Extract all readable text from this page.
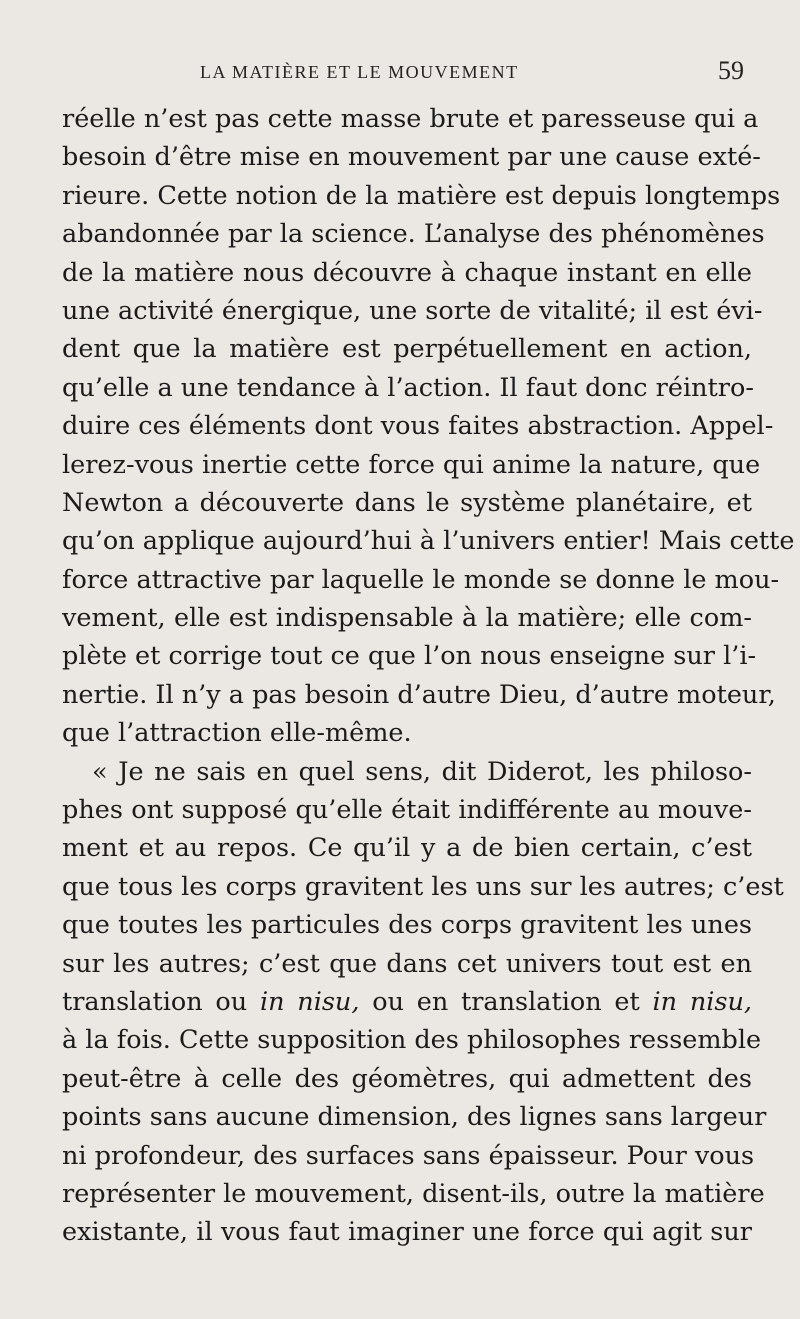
LA MATIÈRE ET LE MOUVEMENT	59
réelle n’est pas cette masse brute et paresseuse qui a
besoin d’être mise en mouvement par une cause exté-
rieure. Cette notion de la matière est depuis longtemps
abandonnée par la science. L’analyse des phénomènes
de la matière nous découvre à chaque instant en elle
une activité énergique, une sorte de vitalité; il est évi-
dent que la matière est perpétuellement en action,
qu’elle a une tendance à l’action. Il faut donc réintro-
duire ces éléments dont vous faites abstraction. Appel-
lerez-vous inertie cette force qui anime la nature, que
Newton a découverte dans le système planétaire, et
qu’on applique aujourd’hui à l’univers entier! Mais cette
force attractive par laquelle le monde se donne le mou-
vement, elle est indispensable à la matière; elle com-
plète et corrige tout ce que l’on nous enseigne sur l’i-
nertie. Il n’y a pas besoin d’autre Dieu, d’autre moteur,
que l’attraction elle-même.
« Je ne sais en quel sens, dit Diderot, les philoso-
phes ont supposé qu’elle était indifférente au mouve-
ment et au repos. Ce qu’il y a de bien certain, c’est
que tous les corps gravitent les uns sur les autres; c’est
que toutes les particules des corps gravitent les unes
sur les autres; c’est que dans cet univers tout est en
translation ou in nisu, ou en translation et in nisu,
à la fois. Cette supposition des philosophes ressemble
peut-être à celle des géomètres, qui admettent des
points sans aucune dimension, des lignes sans largeur
ni profondeur, des surfaces sans épaisseur. Pour vous
représenter le mouvement, disent-ils, outre la matière
existante, il vous faut imaginer une force qui agit sur
